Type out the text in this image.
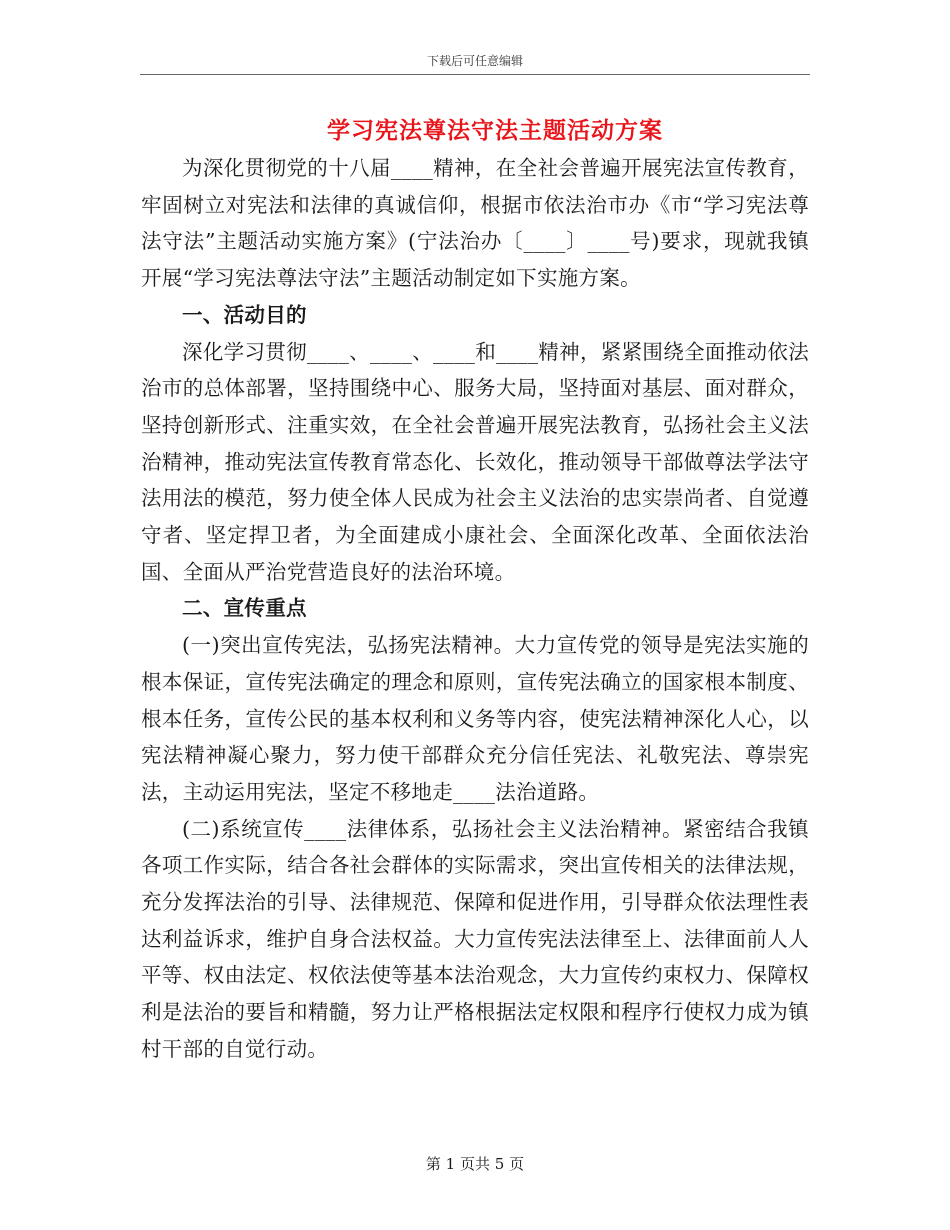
下载后可任意编辑
学习宪法尊法守法主题活动方案

为深化贯彻党的十八届____精神，在全社会普遍开展宪法宣传教育，牢固树立对宪法和法律的真诚信仰，根据市依法治市办《市“学习宪法尊法守法”主题活动实施方案》(宁法治办〔____〕____号)要求，现就我镇开展“学习宪法尊法守法”主题活动制定如下实施方案。

一、活动目的

深化学习贯彻____、____、____和____精神，紧紧围绕全面推动依法治市的总体部署，坚持围绕中心、服务大局，坚持面对基层、面对群众，坚持创新形式、注重实效，在全社会普遍开展宪法教育，弘扬社会主义法治精神，推动宪法宣传教育常态化、长效化，推动领导干部做尊法学法守法用法的模范，努力使全体人民成为社会主义法治的忠实崇尚者、自觉遵守者、坚定捍卫者，为全面建成小康社会、全面深化改革、全面依法治国、全面从严治党营造良好的法治环境。

二、宣传重点

(一)突出宣传宪法，弘扬宪法精神。大力宣传党的领导是宪法实施的根本保证，宣传宪法确定的理念和原则，宣传宪法确立的国家根本制度、根本任务，宣传公民的基本权利和义务等内容，使宪法精神深化人心，以宪法精神凝心聚力，努力使干部群众充分信任宪法、礼敬宪法、尊崇宪法，主动运用宪法，坚定不移地走____法治道路。

(二)系统宣传____法律体系，弘扬社会主义法治精神。紧密结合我镇各项工作实际，结合各社会群体的实际需求，突出宣传相关的法律法规，充分发挥法治的引导、法律规范、保障和促进作用，引导群众依法理性表达利益诉求，维护自身合法权益。大力宣传宪法法律至上、法律面前人人平等、权由法定、权依法使等基本法治观念，大力宣传约束权力、保障权利是法治的要旨和精髓，努力让严格根据法定权限和程序行使权力成为镇村干部的自觉行动。

第 1 页共 5 页
